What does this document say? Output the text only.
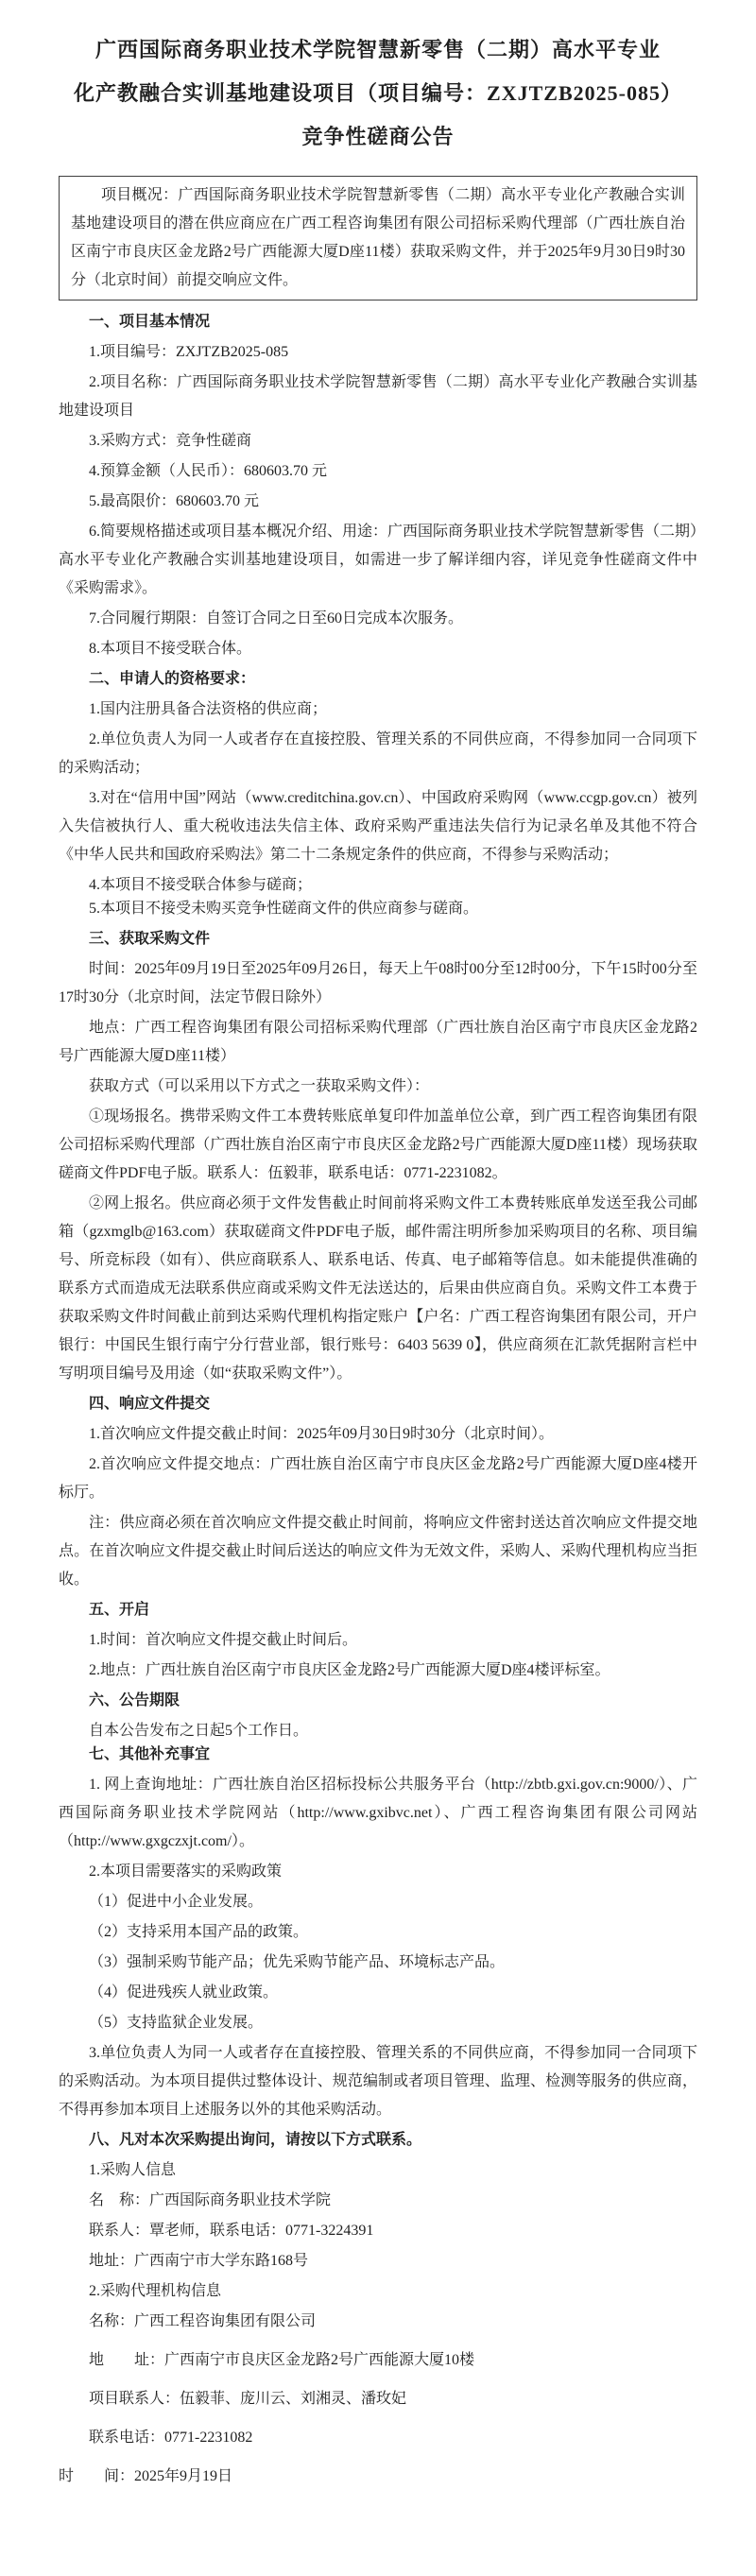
广西国际商务职业技术学院智慧新零售（二期）高水平专业
化产教融合实训基地建设项目（项目编号：ZXJTZB2025-085）
竞争性磋商公告

项目概况：广西国际商务职业技术学院智慧新零售（二期）高水平专业化产教融合实训基地建设项目的潜在供应商应在广西工程咨询集团有限公司招标采购代理部（广西壮族自治区南宁市良庆区金龙路2号广西能源大厦D座11楼）获取采购文件，并于2025年9月30日9时30分（北京时间）前提交响应文件。

一、项目基本情况
1.项目编号：ZXJTZB2025-085
2.项目名称：广西国际商务职业技术学院智慧新零售（二期）高水平专业化产教融合实训基地建设项目
3.采购方式：竞争性磋商
4.预算金额（人民币）：680603.70 元
5.最高限价：680603.70 元
6.简要规格描述或项目基本概况介绍、用途：广西国际商务职业技术学院智慧新零售（二期）高水平专业化产教融合实训基地建设项目，如需进一步了解详细内容，详见竞争性磋商文件中《采购需求》。
7.合同履行期限：自签订合同之日至60日完成本次服务。
8.本项目不接受联合体。
二、申请人的资格要求：
1.国内注册具备合法资格的供应商；
2.单位负责人为同一人或者存在直接控股、管理关系的不同供应商，不得参加同一合同项下的采购活动；
3.对在“信用中国”网站（www.creditchina.gov.cn）、中国政府采购网（www.ccgp.gov.cn）被列入失信被执行人、重大税收违法失信主体、政府采购严重违法失信行为记录名单及其他不符合《中华人民共和国政府采购法》第二十二条规定条件的供应商，不得参与采购活动；
4.本项目不接受联合体参与磋商；
5.本项目不接受未购买竞争性磋商文件的供应商参与磋商。
三、获取采购文件
时间：2025年09月19日至2025年09月26日，每天上午08时00分至12时00分，下午15时00分至17时30分（北京时间，法定节假日除外）
地点：广西工程咨询集团有限公司招标采购代理部（广西壮族自治区南宁市良庆区金龙路2号广西能源大厦D座11楼）
获取方式（可以采用以下方式之一获取采购文件）：
①现场报名。携带采购文件工本费转账底单复印件加盖单位公章，到广西工程咨询集团有限公司招标采购代理部（广西壮族自治区南宁市良庆区金龙路2号广西能源大厦D座11楼）现场获取磋商文件PDF电子版。联系人：伍毅菲，联系电话：0771-2231082。
②网上报名。供应商必须于文件发售截止时间前将采购文件工本费转账底单发送至我公司邮箱（gzxmglb@163.com）获取磋商文件PDF电子版，邮件需注明所参加采购项目的名称、项目编号、所竞标段（如有）、供应商联系人、联系电话、传真、电子邮箱等信息。如未能提供准确的联系方式而造成无法联系供应商或采购文件无法送达的，后果由供应商自负。采购文件工本费于获取采购文件时间截止前到达采购代理机构指定账户【户名：广西工程咨询集团有限公司，开户银行：中国民生银行南宁分行营业部，银行账号：6403 5639 0】，供应商须在汇款凭据附言栏中写明项目编号及用途（如“获取采购文件”）。
四、响应文件提交
1.首次响应文件提交截止时间：2025年09月30日9时30分（北京时间）。
2.首次响应文件提交地点：广西壮族自治区南宁市良庆区金龙路2号广西能源大厦D座4楼开标厅。
注：供应商必须在首次响应文件提交截止时间前，将响应文件密封送达首次响应文件提交地点。在首次响应文件提交截止时间后送达的响应文件为无效文件，采购人、采购代理机构应当拒收。
五、开启
1.时间：首次响应文件提交截止时间后。
2.地点：广西壮族自治区南宁市良庆区金龙路2号广西能源大厦D座4楼评标室。
六、公告期限
自本公告发布之日起5个工作日。
七、其他补充事宜
1. 网上查询地址：广西壮族自治区招标投标公共服务平台（http://zbtb.gxi.gov.cn:9000/）、广西国际商务职业技术学院网站（http://www.gxibvc.net）、广西工程咨询集团有限公司网站（http://www.gxgczxjt.com/）。
2.本项目需要落实的采购政策
（1）促进中小企业发展。
（2）支持采用本国产品的政策。
（3）强制采购节能产品；优先采购节能产品、环境标志产品。
（4）促进残疾人就业政策。
（5）支持监狱企业发展。
3.单位负责人为同一人或者存在直接控股、管理关系的不同供应商，不得参加同一合同项下的采购活动。为本项目提供过整体设计、规范编制或者项目管理、监理、检测等服务的供应商，不得再参加本项目上述服务以外的其他采购活动。
八、凡对本次采购提出询问，请按以下方式联系。
1.采购人信息
名　称：广西国际商务职业技术学院
联系人：覃老师，联系电话：0771-3224391
地址：广西南宁市大学东路168号
2.采购代理机构信息
名称：广西工程咨询集团有限公司
地　　址：广西南宁市良庆区金龙路2号广西能源大厦10楼
项目联系人：伍毅菲、庞川云、刘湘灵、潘玫妃
联系电话：0771-2231082
时　　间：2025年9月19日
